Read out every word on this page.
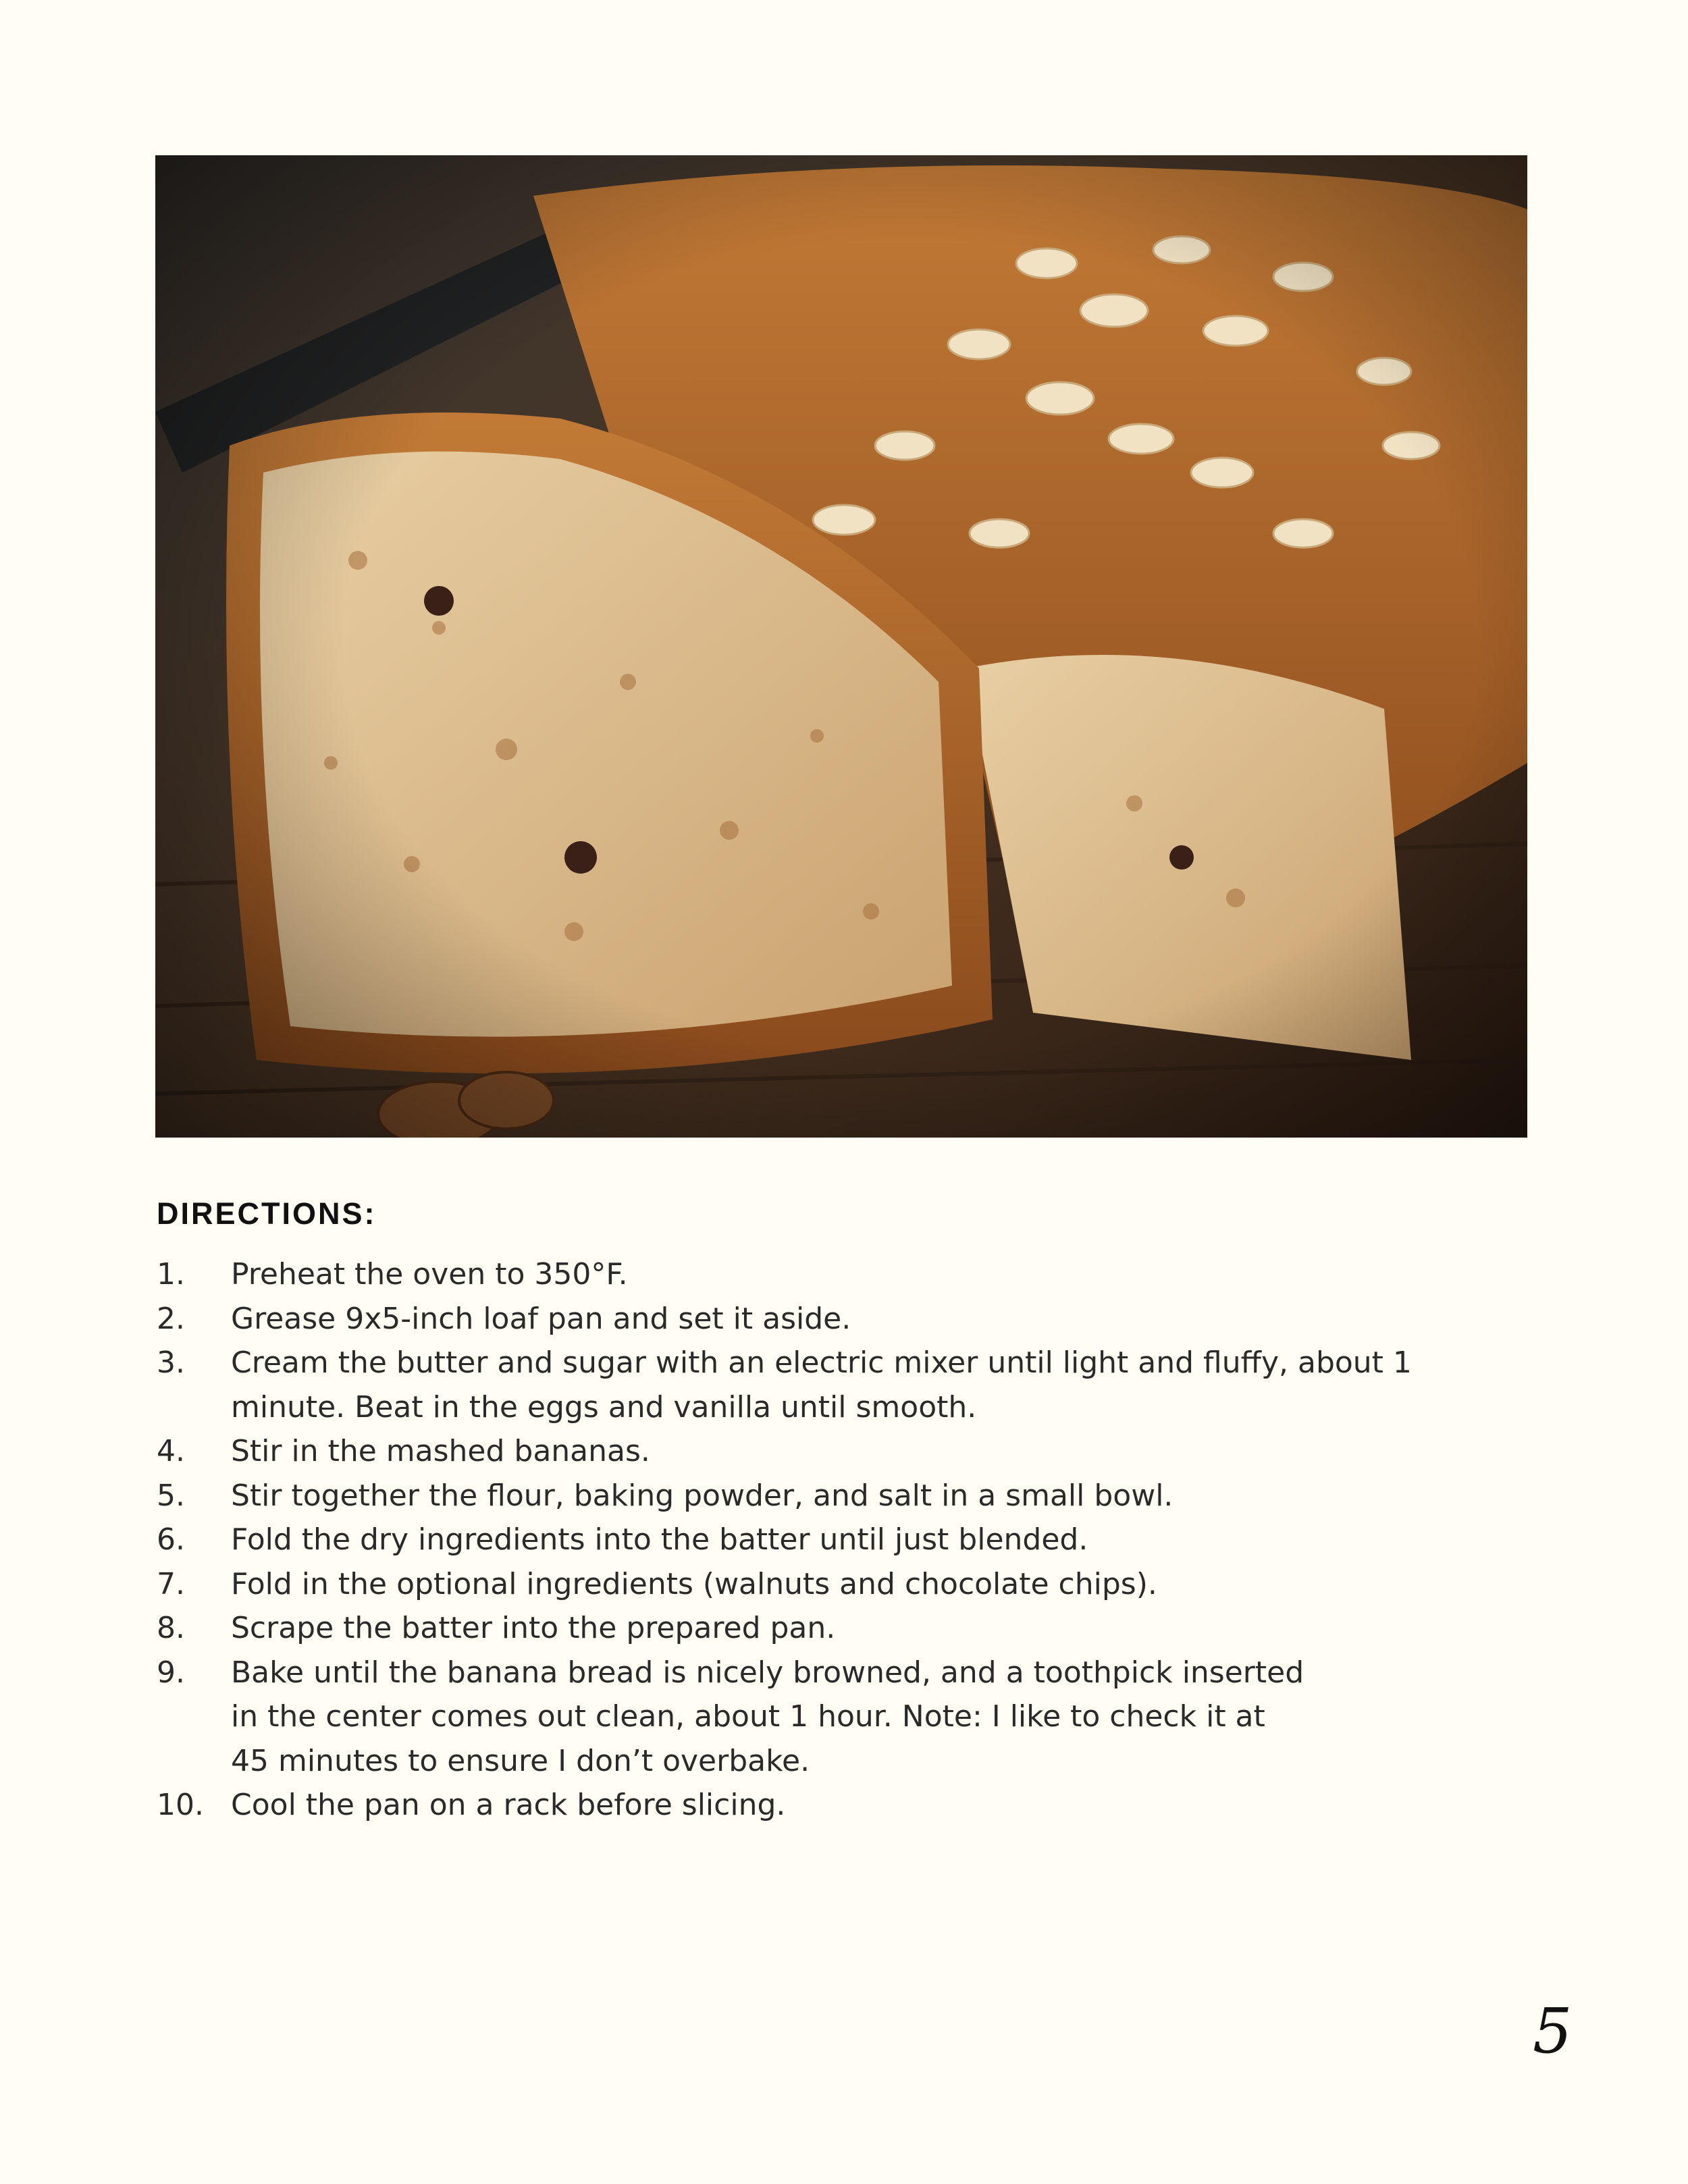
DIRECTIONS:
1. Preheat the oven to 350°F.
2. Grease 9x5-inch loaf pan and set it aside.
3. Cream the butter and sugar with an electric mixer until light and fluffy, about 1
minute. Beat in the eggs and vanilla until smooth.
4. Stir in the mashed bananas.
5. Stir together the flour, baking powder, and salt in a small bowl.
6. Fold the dry ingredients into the batter until just blended.
7. Fold in the optional ingredients (walnuts and chocolate chips).
8. Scrape the batter into the prepared pan.
9. Bake until the banana bread is nicely browned, and a toothpick inserted
in the center comes out clean, about 1 hour. Note: I like to check it at
45 minutes to ensure I don’t overbake.
10. Cool the pan on a rack before slicing.
5
